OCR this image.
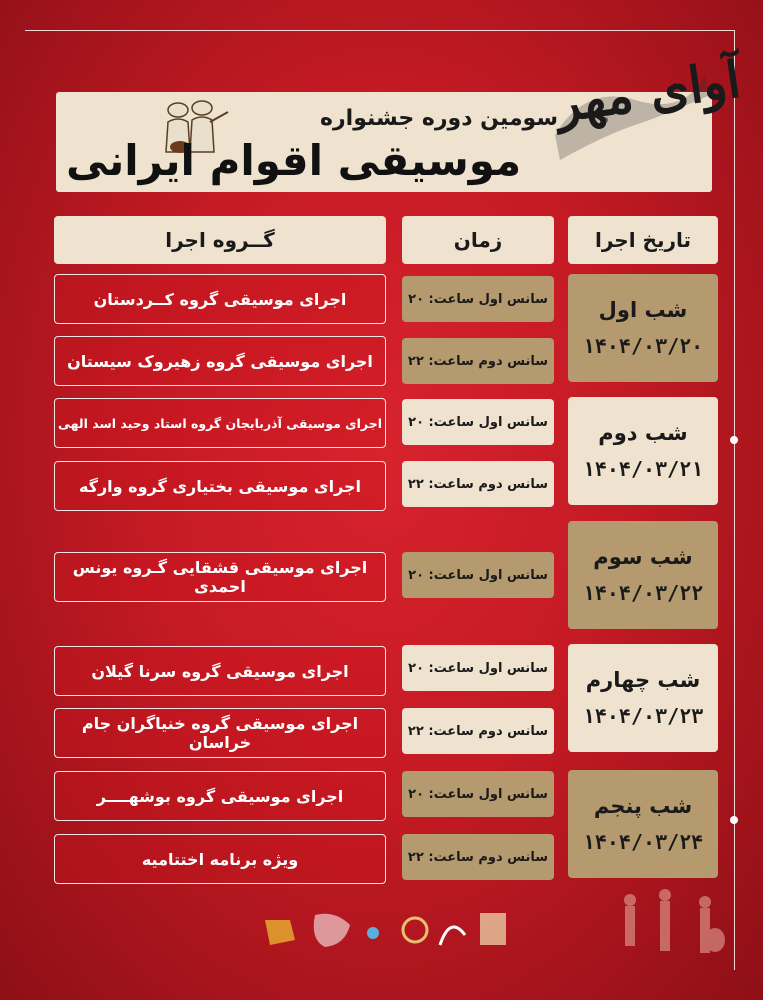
آوای مهر
سومین دوره جشنواره
موسیقی اقوام ایرانی
تاریخ اجرا
زمان
گــروه اجرا
شب اول
۱۴۰۴/۰۳/۲۰
سانس اول ساعت: ۲۰
اجرای موسیقی گروه کــردستان
سانس دوم ساعت: ۲۲
اجرای موسیقی گروه زهیروک سیستان
شب دوم
۱۴۰۴/۰۳/۲۱
سانس اول ساعت: ۲۰
اجرای موسیقی آذربایجان گروه استاد وحید اسد الهی
سانس دوم ساعت: ۲۲
اجرای موسیقی بختیاری گروه وارگه
شب سوم
۱۴۰۴/۰۳/۲۲
سانس اول ساعت: ۲۰
اجرای موسیقی قشقایی گـروه یونس احمدی
شب چهارم
۱۴۰۴/۰۳/۲۳
سانس اول ساعت: ۲۰
اجرای موسیقی گروه سرنا گیلان
سانس دوم ساعت: ۲۲
اجرای موسیقی گروه خنیاگران جام خراسان
شب پنجم
۱۴۰۴/۰۳/۲۴
سانس اول ساعت: ۲۰
اجرای موسیقی گروه بوشهــــر
سانس دوم ساعت: ۲۲
ویژه برنامه اختتامیه
